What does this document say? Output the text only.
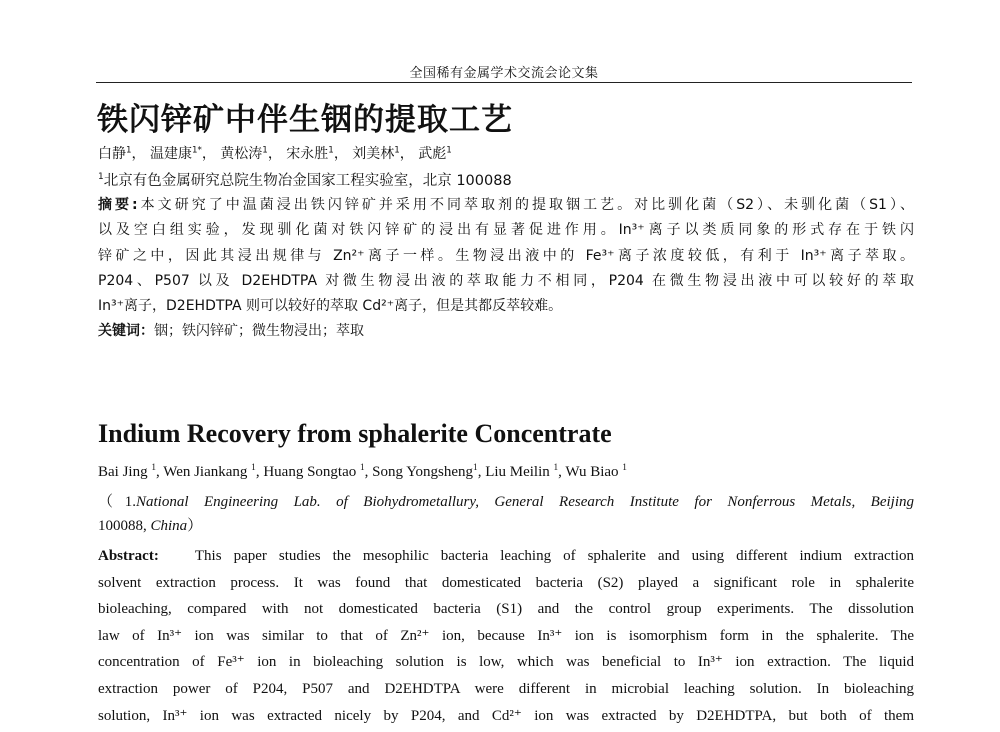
全国稀有金属学术交流会论文集
铁闪锌矿中伴生铟的提取工艺
白静$^1$， 温建康$^{1*}$， 黄松涛$^1$， 宋永胜$^1$， 刘美林$^1$， 武彪$^1$
$^1$北京有色金属研究总院生物冶金国家工程实验室，北京 100088
摘要:本文研究了中温菌浸出铁闪锌矿并采用不同萃取剂的提取铟工艺。对比驯化菌（S2）、未驯化菌（S1）、
以及空白组实验，发现驯化菌对铁闪锌矿的浸出有显著促进作用。In³⁺离子以类质同象的形式存在于铁闪
锌矿之中，因此其浸出规律与 Zn²⁺离子一样。生物浸出液中的 Fe³⁺离子浓度较低，有利于 In³⁺离子萃取。
P204、P507 以及 D2EHDTPA 对微生物浸出液的萃取能力不相同，P204 在微生物浸出液中可以较好的萃取
In³⁺离子，D2EHDTPA 则可以较好的萃取 Cd²⁺离子，但是其都反萃较难。
关键词：铟；铁闪锌矿；微生物浸出；萃取
Indium Recovery from sphalerite Concentrate
Bai Jing $^1$, Wen Jiankang $^1$, Huang Songtao $^1$, Song Yongsheng$^1$, Liu Meilin $^1$, Wu Biao $^1$
（1.National Engineering Lab. of Biohydrometallury, General Research Institute for Nonferrous Metals, Beijing
100088, China）
Abstract: This paper studies the mesophilic bacteria leaching of sphalerite and using different indium extraction
solvent extraction process. It was found that domesticated bacteria (S2) played a significant role in sphalerite
bioleaching, compared with not domesticated bacteria (S1) and the control group experiments. The dissolution
law of In³⁺ ion was similar to that of Zn²⁺ ion, because In³⁺ ion is isomorphism form in the sphalerite. The
concentration of Fe³⁺ ion in bioleaching solution is low, which was beneficial to In³⁺ ion extraction. The liquid
extraction power of P204, P507 and D2EHDTPA were different in microbial leaching solution. In bioleaching
solution, In³⁺ ion was extracted nicely by P204, and Cd²⁺ ion was extracted by D2EHDTPA, but both of them
